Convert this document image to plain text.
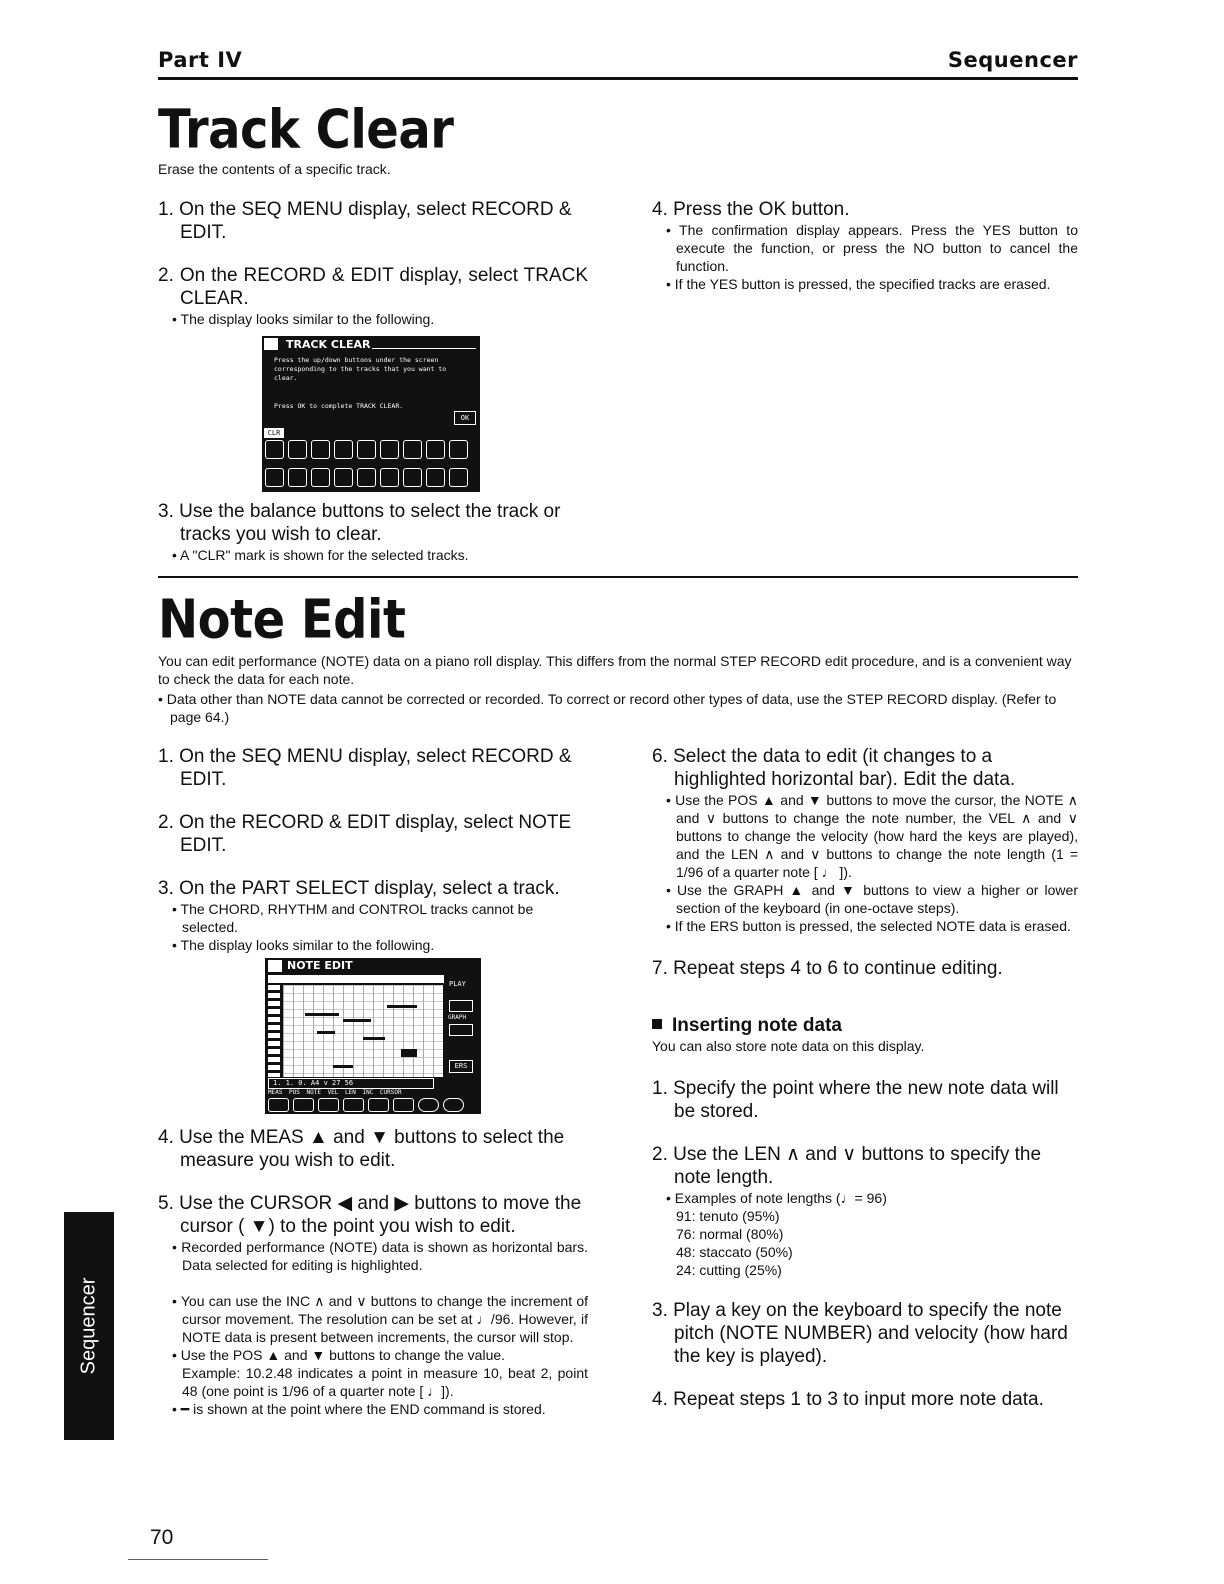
Part IV	Sequencer
Track Clear
Erase the contents of a specific track.
1. On the SEQ MENU display, select RECORD & EDIT.
2. On the RECORD & EDIT display, select TRACK CLEAR.
• The display looks similar to the following.
TRACK CLEAR
Press the up/down buttons under the screen corresponding to the tracks that you want to clear.
Press OK to complete TRACK CLEAR.
OK
CLR
3. Use the balance buttons to select the track or tracks you wish to clear.
• A "CLR" mark is shown for the selected tracks.
4. Press the OK button.
• The confirmation display appears. Press the YES button to execute the function, or press the NO button to cancel the function.
• If the YES button is pressed, the specified tracks are erased.
Note Edit
You can edit performance (NOTE) data on a piano roll display. This differs from the normal STEP RECORD edit procedure, and is a convenient way to check the data for each note.
• Data other than NOTE data cannot be corrected or recorded. To correct or record other types of data, use the STEP RECORD display. (Refer to page 64.)
1. On the SEQ MENU display, select RECORD & EDIT.
2. On the RECORD & EDIT display, select NOTE EDIT.
3. On the PART SELECT display, select a track.
• The CHORD, RHYTHM and CONTROL tracks cannot be selected.
• The display looks similar to the following.
NOTE EDIT
PLAY
GRAPH
ERS
1. 1. 0. A4 v 27 56
MEAS POS NOTE VEL LEN INC CURSOR
4. Use the MEAS ▲ and ▼ buttons to select the measure you wish to edit.
5. Use the CURSOR ◀ and ▶ buttons to move the cursor ( ▼) to the point you wish to edit.
• Recorded performance (NOTE) data is shown as horizontal bars. Data selected for editing is highlighted.
• You can use the INC ∧ and ∨ buttons to change the increment of cursor movement. The resolution can be set at ♩/96. However, if NOTE data is present between increments, the cursor will stop.
• Use the POS ▲ and ▼ buttons to change the value.
Example: 10.2.48 indicates a point in measure 10, beat 2, point 48 (one point is 1/96 of a quarter note [ ♩]).
• ━ is shown at the point where the END command is stored.
6. Select the data to edit (it changes to a highlighted horizontal bar). Edit the data.
• Use the POS ▲ and ▼ buttons to move the cursor, the NOTE ∧ and ∨ buttons to change the note number, the VEL ∧ and ∨ buttons to change the velocity (how hard the keys are played), and the LEN ∧ and ∨ buttons to change the note length (1 = 1/96 of a quarter note [ ♩ ]).
• Use the GRAPH ▲ and ▼ buttons to view a higher or lower section of the keyboard (in one-octave steps).
• If the ERS button is pressed, the selected NOTE data is erased.
7. Repeat steps 4 to 6 to continue editing.
Inserting note data
You can also store note data on this display.
1. Specify the point where the new note data will be stored.
2. Use the LEN ∧ and ∨ buttons to specify the note length.
• Examples of note lengths (♩= 96)
91: tenuto (95%)
76: normal (80%)
48: staccato (50%)
24: cutting (25%)
3. Play a key on the keyboard to specify the note pitch (NOTE NUMBER) and velocity (how hard the key is played).
4. Repeat steps 1 to 3 to input more note data.
Sequencer
70
